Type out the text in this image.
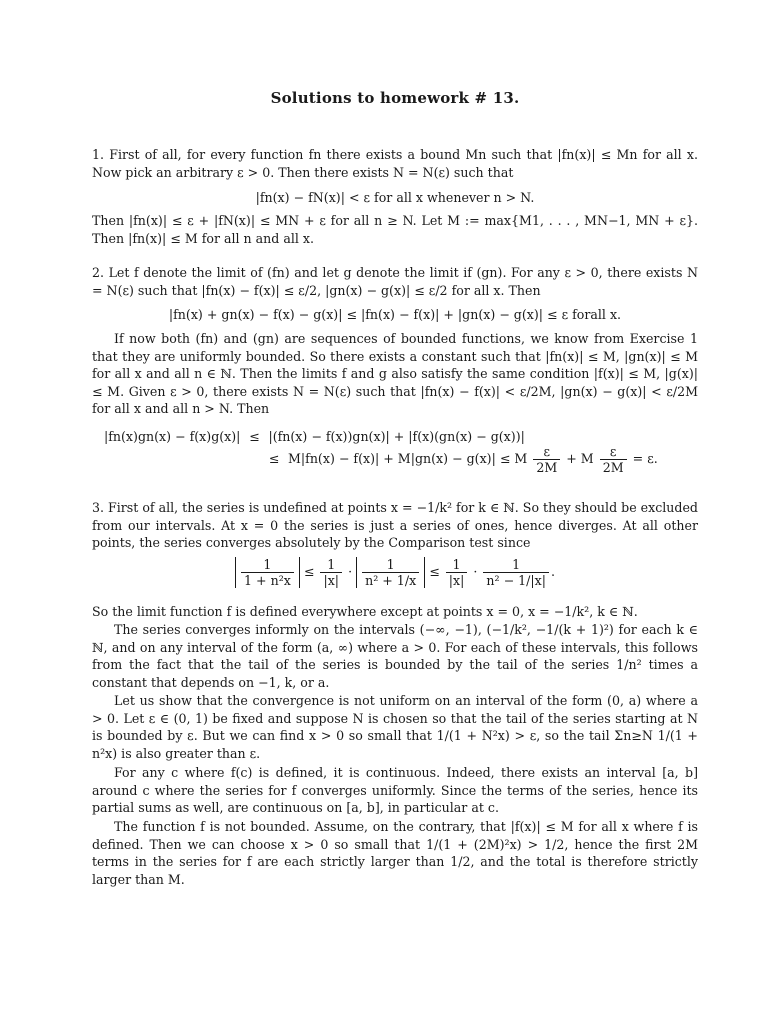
Solutions to homework # 13.
1. First of all, for every function fn there exists a bound Mn such that |fn(x)| ≤ Mn for all x. Now pick an arbitrary ε > 0. Then there exists N = N(ε) such that
|fn(x) − fN(x)| < ε for all x whenever n > N.
Then |fn(x)| ≤ ε + |fN(x)| ≤ MN + ε for all n ≥ N. Let M := max{M1, . . . , MN−1, MN + ε}. Then |fn(x)| ≤ M for all n and all x.
2. Let f denote the limit of (fn) and let g denote the limit if (gn). For any ε > 0, there exists N = N(ε) such that |fn(x) − f(x)| ≤ ε/2, |gn(x) − g(x)| ≤ ε/2 for all x. Then
|fn(x) + gn(x) − f(x) − g(x)| ≤ |fn(x) − f(x)| + |gn(x) − g(x)| ≤ ε forall x.
If now both (fn) and (gn) are sequences of bounded functions, we know from Exercise 1 that they are uniformly bounded. So there exists a constant such that |fn(x)| ≤ M, |gn(x)| ≤ M for all x and all n ∈ ℕ. Then the limits f and g also satisfy the same condition |f(x)| ≤ M, |g(x)| ≤ M. Given ε > 0, there exists N = N(ε) such that |fn(x) − f(x)| < ε/2M, |gn(x) − g(x)| < ε/2M for all x and all n > N. Then
|fn(x)gn(x) − f(x)g(x)| ≤ |(fn(x) − f(x))gn(x)| + |f(x)(gn(x) − g(x))|
≤ M|fn(x) − f(x)| + M|gn(x) − g(x)| ≤ M $\frac{\varepsilon}{2M} + M \frac{\varepsilon}{2M} = \varepsilon$.
3. First of all, the series is undefined at points x = −1/k² for k ∈ ℕ. So they should be excluded from our intervals. At x = 0 the series is just a series of ones, hence diverges. At all other points, the series converges absolutely by the Comparison test since
$\frac{1}{\text{1 + n²x}} \le \frac{1}{|x|} \cdot \frac{1}{\text{n² + 1/x}} \le \frac{1}{|x|} \cdot \frac{1}{\text{n² − 1/|x|}}$ .
So the limit function f is defined everywhere except at points x = 0, x = −1/k², k ∈ ℕ.
The series converges informly on the intervals (−∞, −1), (−1/k², −1/(k + 1)²) for each k ∈ ℕ, and on any interval of the form (a, ∞) where a > 0. For each of these intervals, this follows from the fact that the tail of the series is bounded by the tail of the series 1/n² times a constant that depends on −1, k, or a.
Let us show that the convergence is not uniform on an interval of the form (0, a) where a > 0. Let ε ∈ (0, 1) be fixed and suppose N is chosen so that the tail of the series starting at N is bounded by ε. But we can find x > 0 so small that 1/(1 + N²x) > ε, so the tail Σn≥N 1/(1 + n²x) is also greater than ε.
For any c where f(c) is defined, it is continuous. Indeed, there exists an interval [a, b] around c where the series for f converges uniformly. Since the terms of the series, hence its partial sums as well, are continuous on [a, b], in particular at c.
The function f is not bounded. Assume, on the contrary, that |f(x)| ≤ M for all x where f is defined. Then we can choose x > 0 so small that 1/(1 + (2M)²x) > 1/2, hence the first 2M terms in the series for f are each strictly larger than 1/2, and the total is therefore strictly larger than M.
